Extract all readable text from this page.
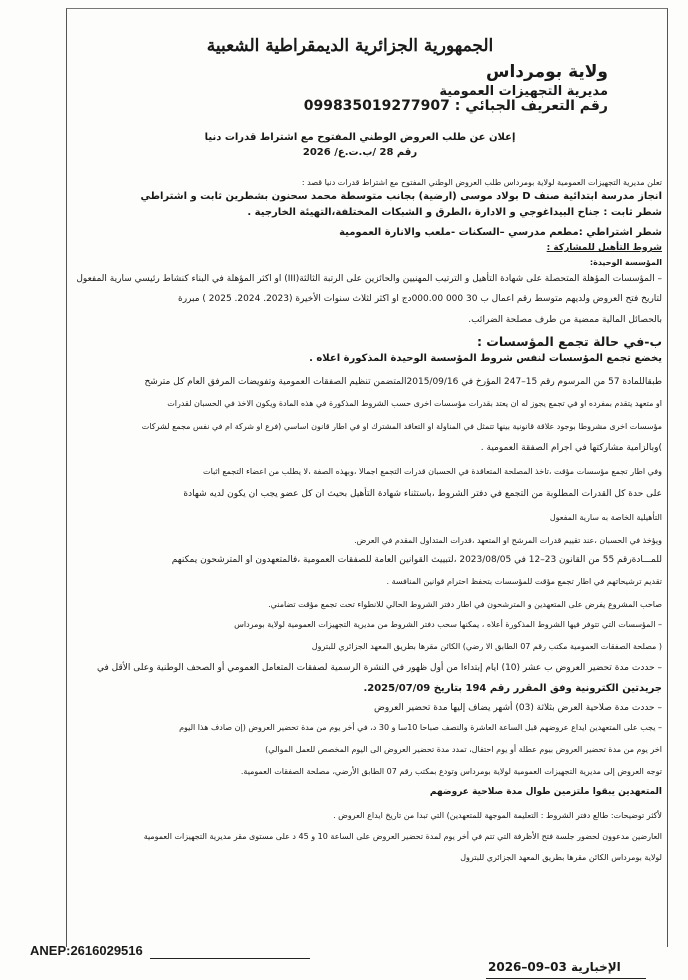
الجمهورية الجزائرية الديمقراطية الشعبية
ولاية بومرداس
مديرية التجهيزات العمومية
رقم التعريف الجبائي : 099835019277907
إعلان عن طلب العروض الوطني المفتوح مع اشتراط قدرات دنيا
رقم 28 /ب.ت.ع/ 2026

تعلن مديرية التجهيزات العمومية لولاية بومرداس طلب العروض الوطني المفتوح مع اشتراط قدرات دنيا قصد :

انجاز مدرسة ابتدائية صنف D بولاد موسى (ارضية) بجانب متوسطة محمد سحنون بشطرين ثابت و اشتراطي

شطر ثابت : جناح البيداغوجي و الادارة ،الطرق و الشبكات المختلفة،التهيئة الخارجية .

شطر اشتراطي :مطعم مدرسي –السكنات -ملعب والانارة العمومية

شروط التأهيل للمشاركة :

المؤسسة الوحيدة:

– المؤسسات المؤهلة المتحصلة على شهادة التأهيل و الترتيب المهنيين والحائزين على الرتبة الثالثة(III) او اكثر المؤهلة في البناء كنشاط رئيسي سارية المفعول

لتاريخ فتح العروض ولديهم متوسط رقم اعمال ب 30 000 000.00دج او اكثر لثلاث سنوات الأخيرة (2023. 2024. 2025 ) مبررة

بالحصائل المالية ممضية من طرف مصلحة الضرائب.

ب-في حالة تجمع المؤسسات :

يخضع تجمع المؤسسات لنفس شروط المؤسسة الوحيدة المذكورة اعلاه .

طبقاللمادة 57 من المرسوم رقم 15–247 المؤرخ في 2015/09/16المتضمن تنظيم الصفقات العمومية وتفويضات المرفق العام كل مترشح

او متعهد يتقدم بمفرده او في تجمع يجوز له ان يعتد بقدرات مؤسسات اخرى حسب الشروط المذكورة في هذه المادة ويكون الاخذ في الحسبان لقدرات

مؤسسات اخرى مشروطا بوجود علاقة قانونية بينها تتمثل في المناولة او التعاقد المشترك او في اطار قانون اساسي (فرع او شركة ام في نفس مجمع لشركات

)وبالزامية مشاركتها في اجرام الصفقة العمومية .

وفي اطار تجمع مؤسسات مؤقت ،تاخذ المصلحة المتعاقدة في الحسبان قدرات التجمع اجمالا ،وبهذه الصفة ،لا يطلب من اعضاء التجمع اثبات

على حدة كل القدرات المطلوبة من التجمع في دفتر الشروط ،باستثناء شهادة التأهيل بحيث ان كل عضو يجب ان يكون لديه شهادة

التأهيلية الخاصة به سارية المفعول

ويؤخذ في الحسبان ،عند تقييم قدرات المرشح او المتعهد ،قدرات المتداول المقدم في العرض.

للمـــادةرقم 55 من القانون 23–12 في 2023/08/05 ،لتبييث القوانين العامة للصفقات العمومية ،فالمتعهدون او المترشحون يمكنهم

تقديم ترشيحاتهم في اطار تجمع مؤقت للمؤسسات بتحفظ احترام قوانين المنافسة .

صاحب المشروع يفرض على المتعهدين و المترشحون في اطار دفتر الشروط الحالي للانطواء تحت تجمع مؤقت تضامني.

– المؤسسات التي تتوفر فيها الشروط المذكورة أعلاه ، يمكنها سحب دفتر الشروط من مديرية التجهيزات العمومية لولاية بومرداس

( مصلحة الصفقات العمومية مكتب رقم 07 الطابق الا رضي) الكائن مقرها بطريق المعهد الجزائري للبترول

– حددت مدة تحضير العروض ب عشر (10) ايام إبتداءا من أول ظهور في النشرة الرسمية لصفقات المتعامل العمومي أو الصحف الوطنية وعلى الأقل في

جريدتين الكترونية وفق المقرر رقم 194 بتاريخ 2025/07/09.

– حددت مدة صلاحية العرض بثلاثة (03) أشهر يضاف إليها مدة تحضير العروض

– يجب على المتعهدين ايداع عروضهم قبل الساعة العاشرة والنصف صباحا 10سا و 30 د، في أخر يوم من مدة تحضير العروض (إن صادف هذا اليوم

اخر يوم من مدة تحضير العروض بيوم عطلة أو يوم احتفال، تمدد مدة تحضير العروض الى اليوم المخصص للعمل الموالي)

توجه العروض إلى مديرية التجهيزات العمومية لولاية بومرداس وتودع بمكتب رقم 07 الطابق الأرضي، مصلحة الصفقات العمومية.

المتعهدين يبقوا ملتزمين طوال مدة صلاحية عروضهم

لأكثر توضيحات: طالع دفتر الشروط : التعليمة الموجهة للمتعهدين) التي تبدا من تاريخ ايداع العروض .

العارضين مدعوون لحضور جلسة فتح الأظرفة التي تتم في أخر يوم لمدة تحضير العروض على الساعة 10 و 45 د على مستوى مقر مديرية التجهيزات العمومية

لولاية بومرداس الكائن مقرها بطريق المعهد الجزائري للبترول

ANEP:2616029516
الإخبارية 03–09–2026
